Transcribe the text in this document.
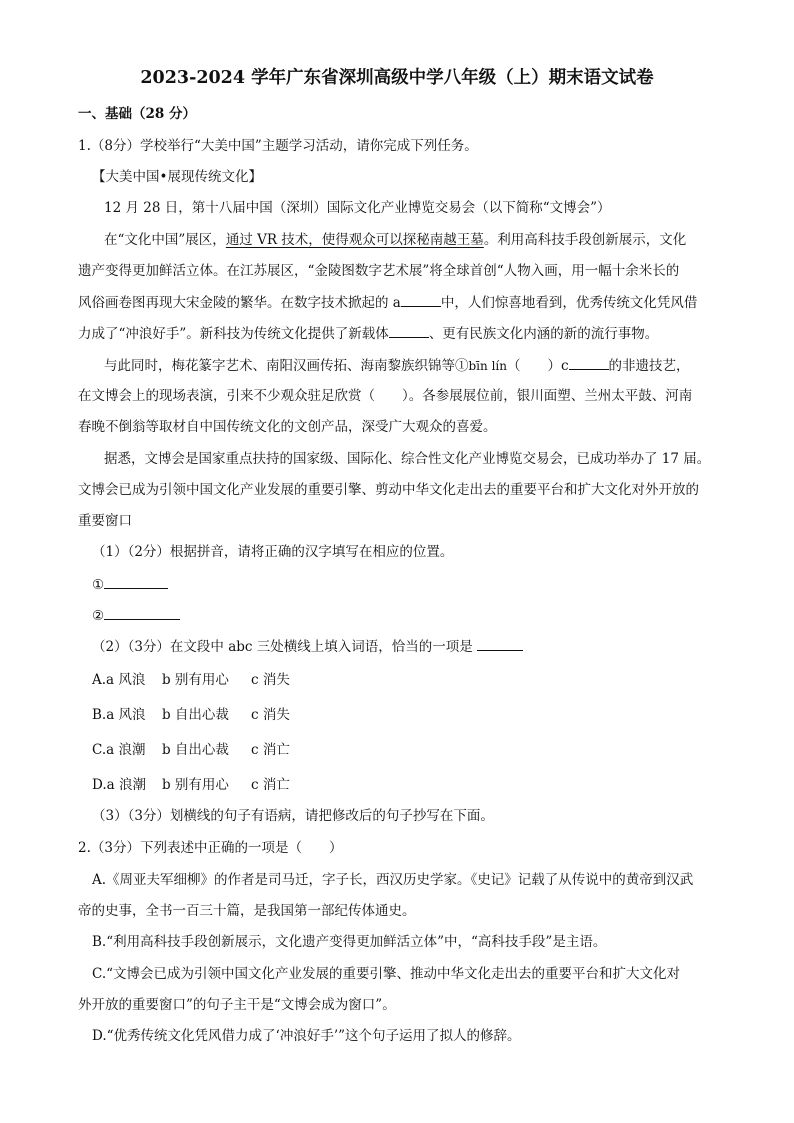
2023-2024 学年广东省深圳高级中学八年级（上）期末语文试卷
一、基础（28 分）
1.（8分）学校举行“大美中国”主题学习活动，请你完成下列任务。
【大美中国•展现传统文化】
12 月 28 日，第十八届中国（深圳）国际文化产业博览交易会（以下简称“文博会”）
在“文化中国”展区，通过 VR 技术，使得观众可以探秘南越王墓。利用高科技手段创新展示，文化
遗产变得更加鲜活立体。在江苏展区，“金陵图数字艺术展”将全球首创“人物入画，用一幅十余米长的
风俗画卷图再现大宋金陵的繁华。在数字技术掀起的 a	中，人们惊喜地看到，优秀传统文化凭风借
力成了“冲浪好手”。新科技为传统文化提供了新载体	、更有民族文化内涵的新的流行事物。
与此同时，梅花篆字艺术、南阳汉画传拓、海南黎族织锦等①bīn lín（　　）c	的非遗技艺，
在文博会上的现场表演，引来不少观众驻足欣赏（　　）。各参展展位前，银川面塑、兰州太平鼓、河南
春晚不倒翁等取材自中国传统文化的文创产品，深受广大观众的喜爱。
据悉，文博会是国家重点扶持的国家级、国际化、综合性文化产业博览交易会，已成功举办了 17 届。
文博会已成为引领中国文化产业发展的重要引擎、剪动中华文化走出去的重要平台和扩大文化对外开放的
重要窗口
（1）（2分）根据拼音，请将正确的汉字填写在相应的位置。
①
②
（2）（3分）在文段中 abc 三处横线上填入词语，恰当的一项是
A.a 风浪 b 别有用心 c 消失
B.a 风浪 b 自出心裁 c 消失
C.a 浪潮 b 自出心裁 c 消亡
D.a 浪潮 b 别有用心 c 消亡
（3）（3分）划横线的句子有语病，请把修改后的句子抄写在下面。
2.（3分）下列表述中正确的一项是（　　）
A.《周亚夫军细柳》的作者是司马迁，字子长，西汉历史学家。《史记》记载了从传说中的黄帝到汉武
帝的史事，全书一百三十篇，是我国第一部纪传体通史。
B.“利用高科技手段创新展示，文化遗产变得更加鲜活立体”中，“高科技手段”是主语。
C.“文博会已成为引领中国文化产业发展的重要引擎、推动中华文化走出去的重要平台和扩大文化对
外开放的重要窗口”的句子主干是“文博会成为窗口”。
D.“优秀传统文化凭风借力成了‘冲浪好手’”这个句子运用了拟人的修辞。
